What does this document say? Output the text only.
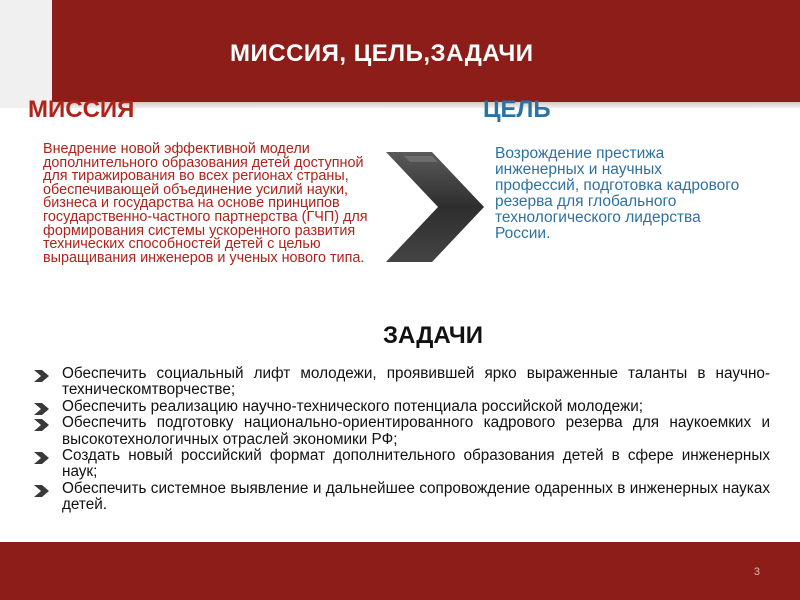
МИССИЯ, ЦЕЛЬ,ЗАДАЧИ
МИССИЯ
Внедрение новой эффективной модели дополнительного образования детей доступной для тиражирования во всех регионах страны, обеспечивающей объединение усилий науки, бизнеса и государства на основе принципов государственно-частного партнерства (ГЧП) для формирования системы ускоренного развития технических способностей детей с целью выращивания инженеров и ученых нового типа.
ЦЕЛЬ
Возрождение престижа инженерных и научных профессий, подготовка кадрового резерва для глобального технологического лидерства России.
ЗАДАЧИ
Обеспечить социальный лифт молодежи, проявившей ярко выраженные таланты в научно-техническомтворчестве;
Обеспечить реализацию научно-технического потенциала российской молодежи;
Обеспечить подготовку национально-ориентированного кадрового резерва для наукоемких и высокотехнологичных отраслей экономики РФ;
Создать новый российский формат дополнительного образования детей в сфере инженерных наук;
Обеспечить системное выявление и дальнейшее сопровождение одаренных в инженерных науках детей.
3
